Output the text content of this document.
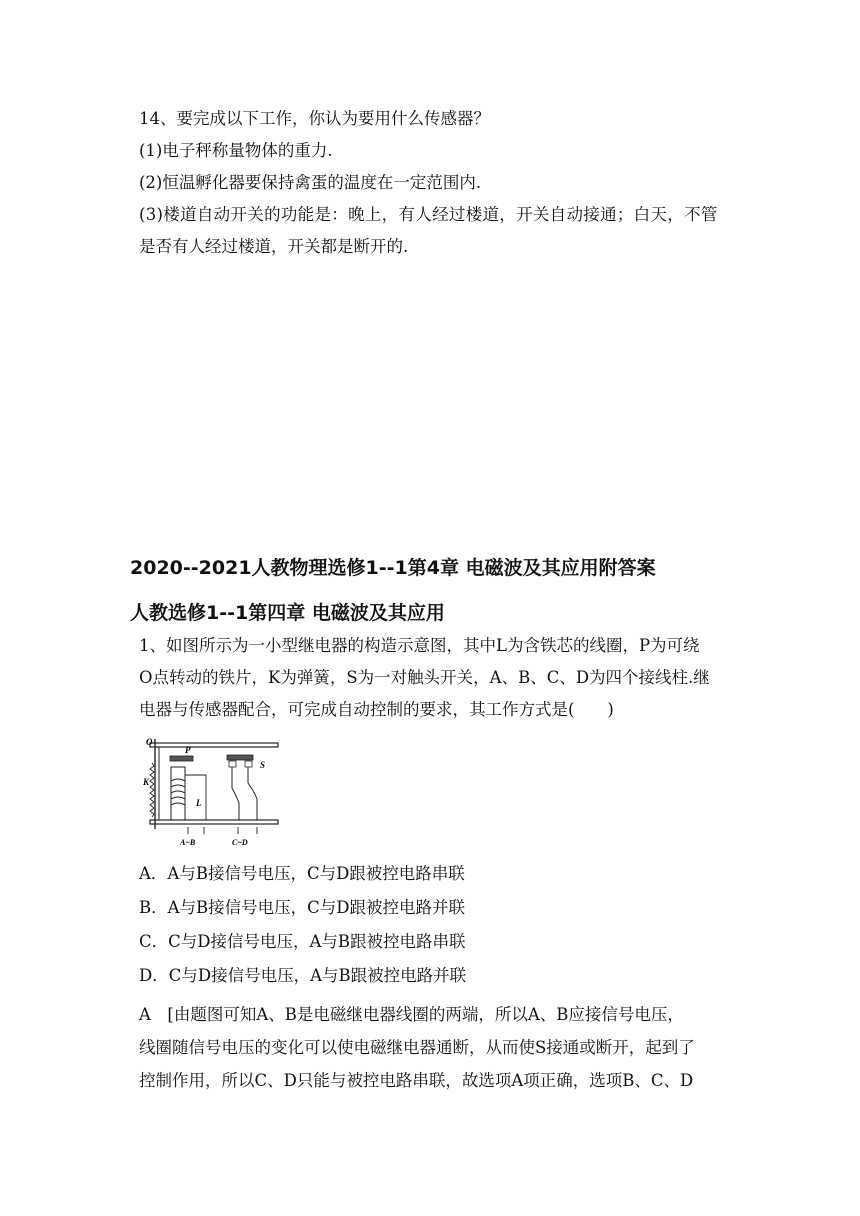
14、要完成以下工作，你认为要用什么传感器？
(1)电子秤称量物体的重力.
(2)恒温孵化器要保持禽蛋的温度在一定范围内.
(3)楼道自动开关的功能是：晚上，有人经过楼道，开关自动接通；白天，不管
是否有人经过楼道，开关都是断开的.
2020--2021人教物理选修1--1第4章 电磁波及其应用附答案
人教选修1--1第四章 电磁波及其应用
1、如图所示为一小型继电器的构造示意图，其中L为含铁芯的线圈，P为可绕
O点转动的铁片，K为弹簧，S为一对触头开关，A、B、C、D为四个接线柱.继
电器与传感器配合，可完成自动控制的要求，其工作方式是(　　)
O
P
S
K
L
A~B	C~D
A．A与B接信号电压，C与D跟被控电路串联
B．A与B接信号电压，C与D跟被控电路并联
C．C与D接信号电压，A与B跟被控电路串联
D．C与D接信号电压，A与B跟被控电路并联
A　[由题图可知A、B是电磁继电器线圈的两端，所以A、B应接信号电压，
线圈随信号电压的变化可以使电磁继电器通断，从而使S接通或断开，起到了
控制作用，所以C、D只能与被控电路串联，故选项A项正确，选项B、C、D
